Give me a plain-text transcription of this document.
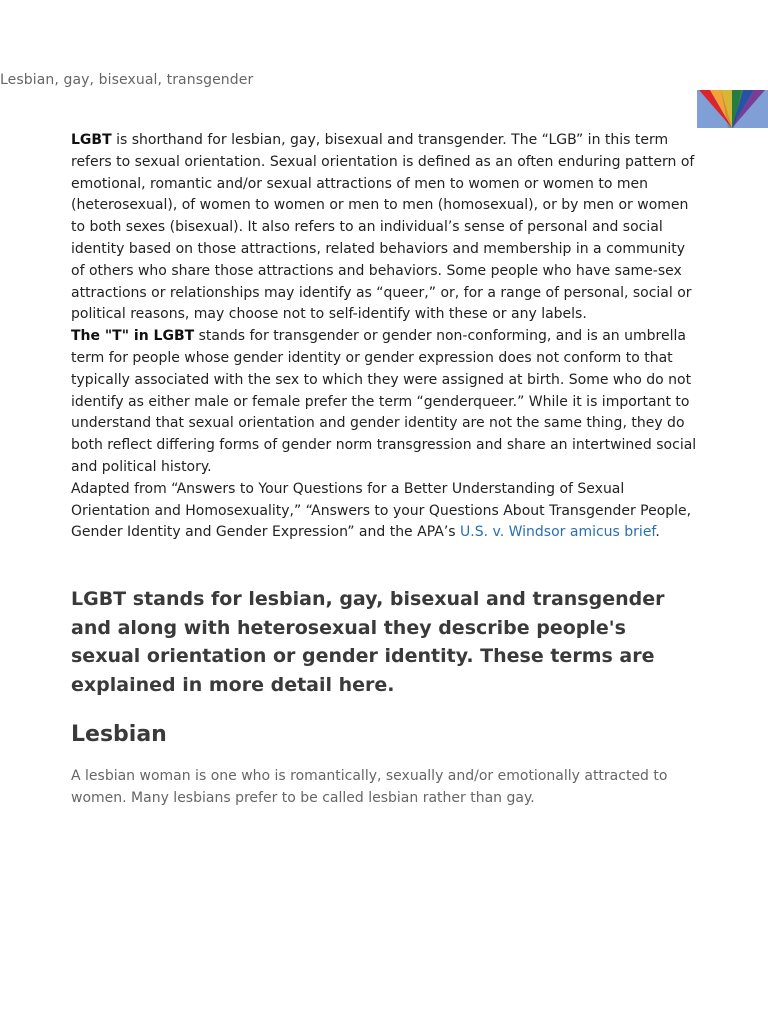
Lesbian, gay, bisexual, transgender

LGBT is shorthand for lesbian, gay, bisexual and transgender. The “LGB” in this term refers to sexual orientation. Sexual orientation is defined as an often enduring pattern of emotional, romantic and/or sexual attractions of men to women or women to men (heterosexual), of women to women or men to men (homosexual), or by men or women to both sexes (bisexual). It also refers to an individual’s sense of personal and social identity based on those attractions, related behaviors and membership in a community of others who share those attractions and behaviors. Some people who have same-sex attractions or relationships may identify as “queer,” or, for a range of personal, social or political reasons, may choose not to self-identify with these or any labels.

The "T" in LGBT stands for transgender or gender non-conforming, and is an umbrella term for people whose gender identity or gender expression does not conform to that typically associated with the sex to which they were assigned at birth. Some who do not identify as either male or female prefer the term “genderqueer.” While it is important to understand that sexual orientation and gender identity are not the same thing, they do both reflect differing forms of gender norm transgression and share an intertwined social and political history.

Adapted from “Answers to Your Questions for a Better Understanding of Sexual Orientation and Homosexuality,” “Answers to your Questions About Transgender People, Gender Identity and Gender Expression” and the APA’s U.S. v. Windsor amicus brief.

LGBT stands for lesbian, gay, bisexual and transgender and along with heterosexual they describe people's sexual orientation or gender identity. These terms are explained in more detail here.

Lesbian

A lesbian woman is one who is romantically, sexually and/or emotionally attracted to women. Many lesbians prefer to be called lesbian rather than gay.
